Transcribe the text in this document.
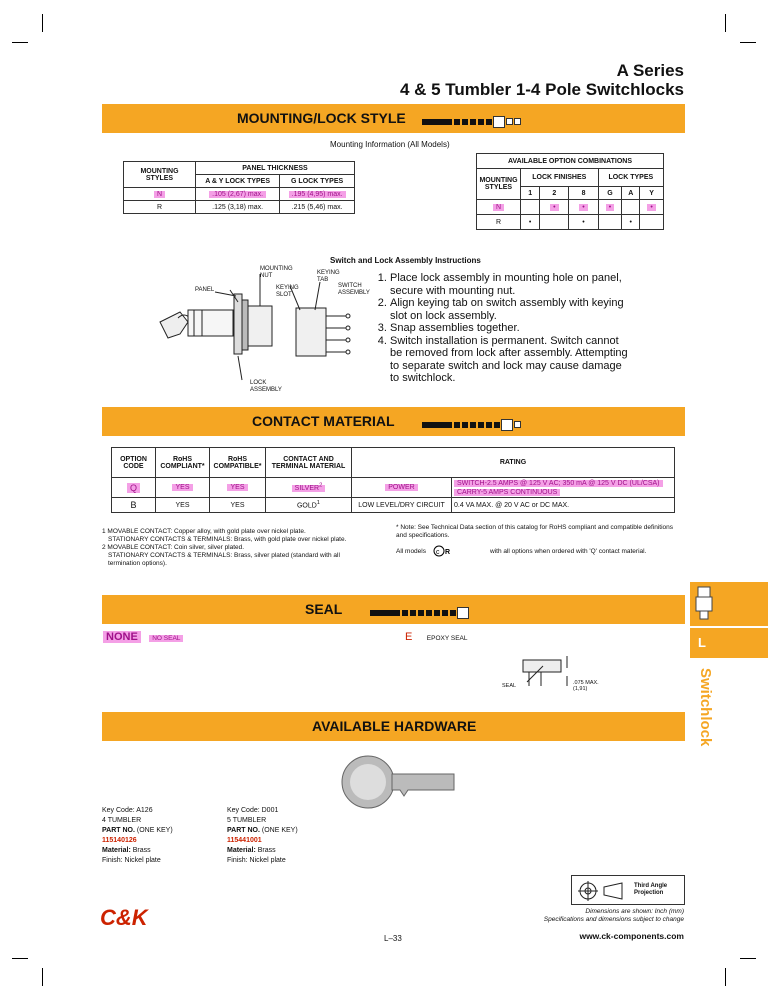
A Series
4 & 5 Tumbler 1-4 Pole Switchlocks
MOUNTING/LOCK STYLE
Mounting Information (All Models)
MOUNTING STYLES	PANEL THICKNESS	
	A & Y LOCK TYPES	G LOCK TYPES
N	.105 (2,67) max.	.195 (4,95) max.
R	.125 (3,18) max.	.215 (5,46) max.
AVAILABLE OPTION COMBINATIONS						
MOUNTING STYLES	LOCK FINISHES			LOCK TYPES		
	1	2	8	G	A	Y
N		•	•	•		•
R	•		•		•	
Switch and Lock Assembly Instructions
PANEL
MOUNTING NUT
KEYING SLOT
KEYING TAB
SWITCH ASSEMBLY
LOCK ASSEMBLY
1. Place lock assembly in mounting hole on panel, secure with mounting nut.
2. Align keying tab on switch assembly with keying slot on lock assembly.
3. Snap assemblies together.
4. Switch installation is permanent. Switch cannot be removed from lock after assembly. Attempting to separate switch and lock may cause damage to switchlock.
CONTACT MATERIAL
OPTION CODE	RoHS COMPLIANT*	RoHS COMPATIBLE*	CONTACT AND TERMINAL MATERIAL	RATING	
Q	YES	YES	SILVER$^2$	POWER	SWITCH-2.5 AMPS @ 125 V AC; 350 mA @ 125 V DC (UL/CSA)
CARRY-5 AMPS CONTINUOUS
B	YES	YES	GOLD$^1$	LOW LEVEL/DRY CIRCUIT	0.4 VA MAX. @ 20 V AC or DC MAX.
1 MOVABLE CONTACT: Copper alloy, with gold plate over nickel plate.
STATIONARY CONTACTS & TERMINALS: Brass, with gold plate over nickel plate.
2 MOVABLE CONTACT: Coin silver, silver plated.
STATIONARY CONTACTS & TERMINALS: Brass, silver plated (standard with all termination options).
* Note: See Technical Data section of this catalog for RoHS compliant and compatible definitions and specifications.
All models c R	with all options when ordered with 'Q' contact material.
SEAL
NONE NO SEAL	E EPOXY SEAL
SEAL	.075 MAX.
(1,91)
AVAILABLE HARDWARE
Key Code: A126
4 TUMBLER
PART NO. (ONE KEY)
115140126
Material: Brass
Finish: Nickel plate
Key Code: D001
5 TUMBLER
PART NO. (ONE KEY)
115441001
Material: Brass
Finish: Nickel plate
L
Switchlock
Third Angle Projection
Dimensions are shown: Inch (mm)
Specifications and dimensions subject to change
C&K
L–33	www.ck-components.com
